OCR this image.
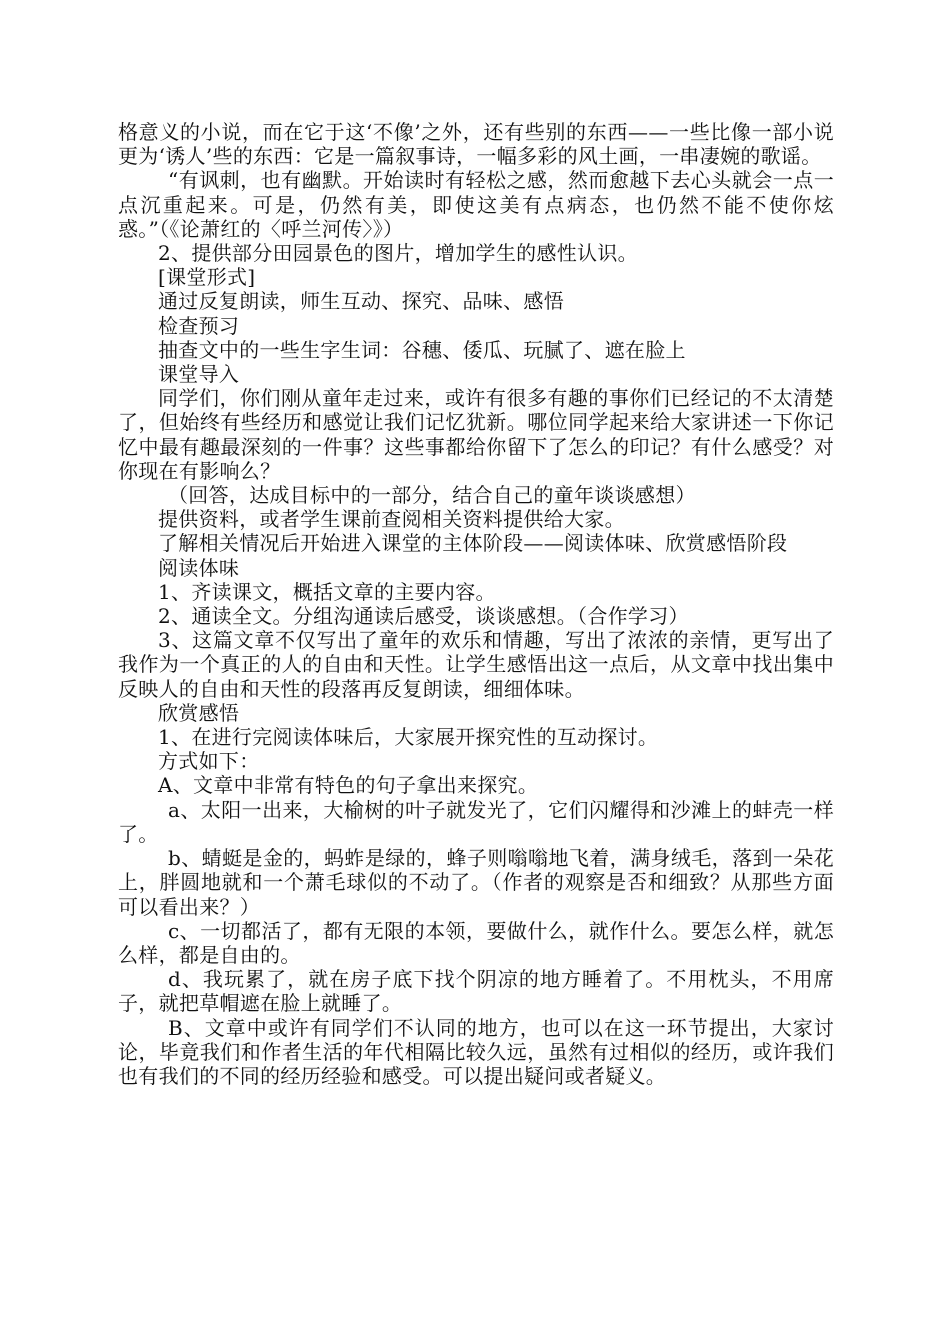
格意义的小说，而在它于这‘不像’之外，还有些别的东西——一些比像一部小说更为‘诱人’些的东西：它是一篇叙事诗，一幅多彩的风土画，一串凄婉的歌谣。

“有讽刺，也有幽默。开始读时有轻松之感，然而愈越下去心头就会一点一点沉重起来。可是，仍然有美，即使这美有点病态，也仍然不能不使你炫惑。”（《论萧红的〈呼兰河传〉》）

2、提供部分田园景色的图片，增加学生的感性认识。

[课堂形式]

通过反复朗读，师生互动、探究、品味、感悟

检查预习

抽查文中的一些生字生词：谷穗、倭瓜、玩腻了、遮在脸上

课堂导入

同学们，你们刚从童年走过来，或许有很多有趣的事你们已经记的不太清楚了，但始终有些经历和感觉让我们记忆犹新。哪位同学起来给大家讲述一下你记忆中最有趣最深刻的一件事？这些事都给你留下了怎么的印记？有什么感受？对你现在有影响么？

（回答，达成目标中的一部分，结合自己的童年谈谈感想）

提供资料，或者学生课前查阅相关资料提供给大家。

了解相关情况后开始进入课堂的主体阶段——阅读体味、欣赏感悟阶段

阅读体味

1、齐读课文，概括文章的主要内容。

2、通读全文。分组沟通读后感受，谈谈感想。（合作学习）

3、这篇文章不仅写出了童年的欢乐和情趣，写出了浓浓的亲情，更写出了我作为一个真正的人的自由和天性。让学生感悟出这一点后，从文章中找出集中反映人的自由和天性的段落再反复朗读，细细体味。

欣赏感悟

1、在进行完阅读体味后，大家展开探究性的互动探讨。

方式如下：

A、文章中非常有特色的句子拿出来探究。

a、太阳一出来，大榆树的叶子就发光了，它们闪耀得和沙滩上的蚌壳一样了。

b、蜻蜓是金的，蚂蚱是绿的，蜂子则嗡嗡地飞着，满身绒毛，落到一朵花上，胖圆地就和一个萧毛球似的不动了。（作者的观察是否和细致？从那些方面可以看出来？）

c、一切都活了，都有无限的本领，要做什么，就作什么。要怎么样，就怎么样，都是自由的。

d、我玩累了，就在房子底下找个阴凉的地方睡着了。不用枕头，不用席子，就把草帽遮在脸上就睡了。

B、文章中或许有同学们不认同的地方，也可以在这一环节提出，大家讨论，毕竟我们和作者生活的年代相隔比较久远，虽然有过相似的经历，或许我们也有我们的不同的经历经验和感受。可以提出疑问或者疑义。
